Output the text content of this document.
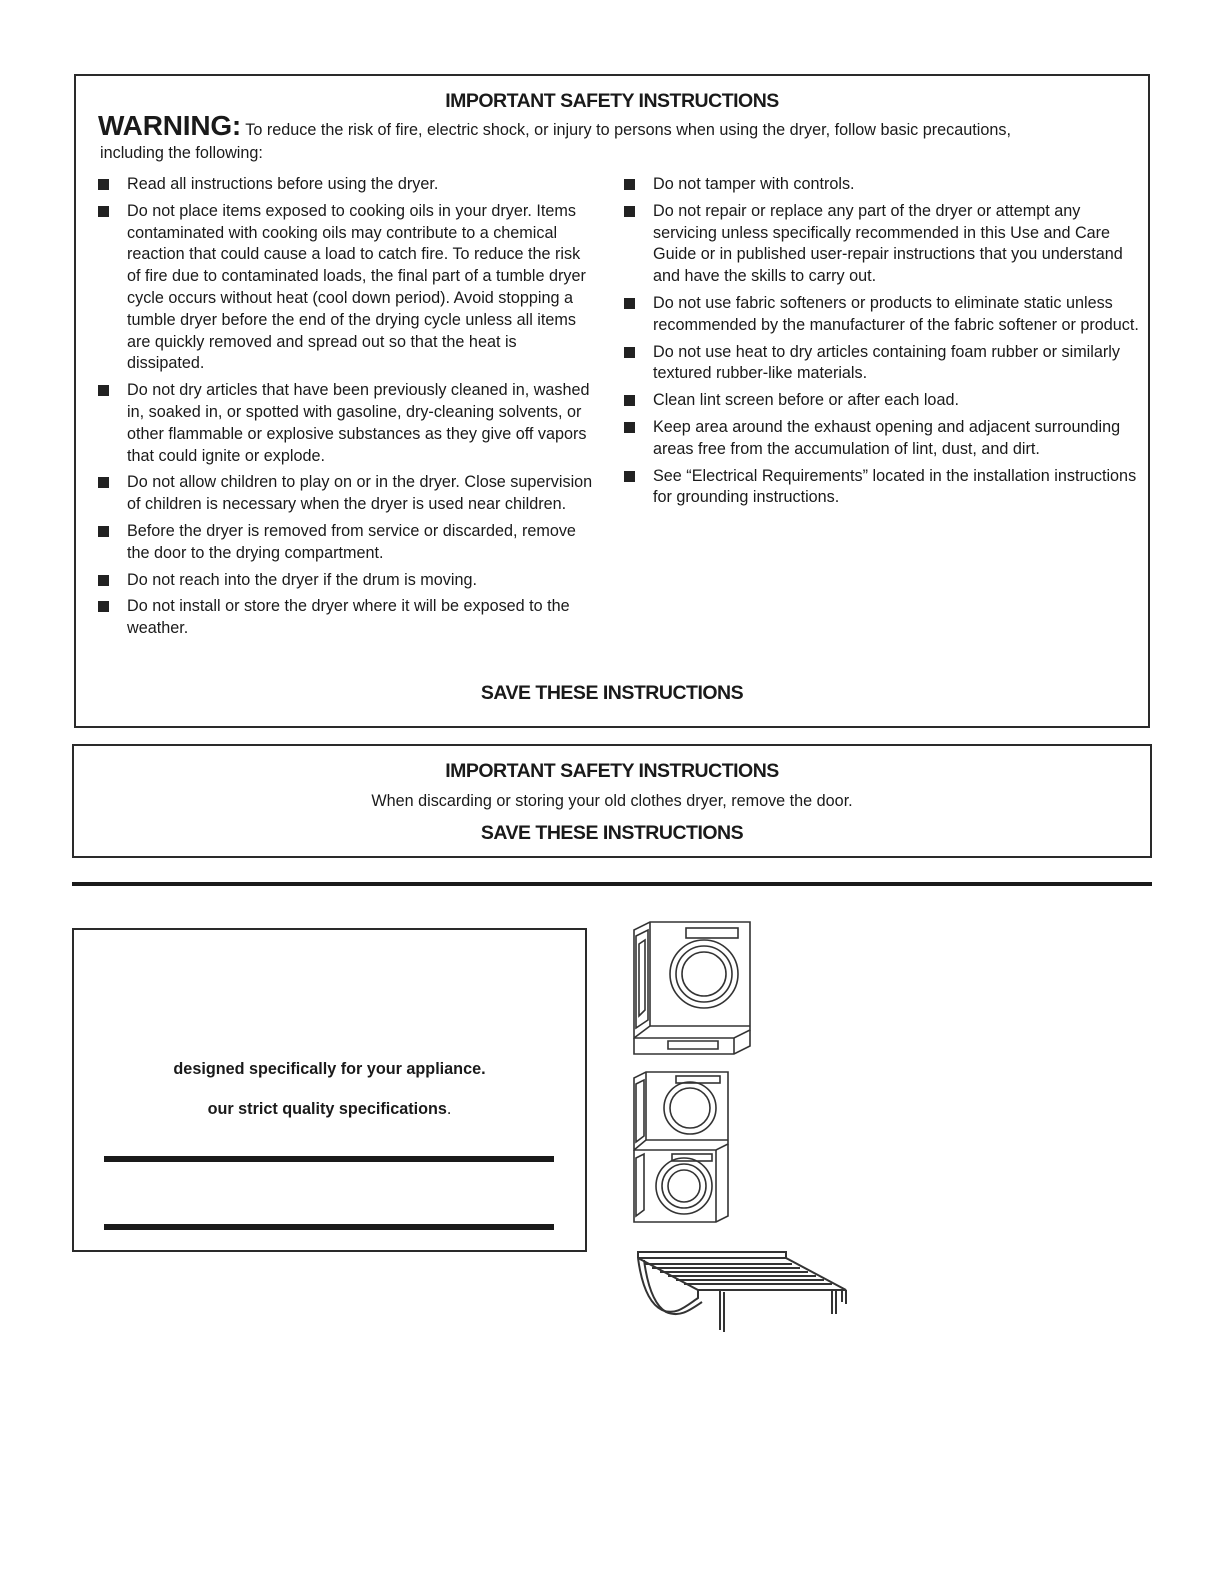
IMPORTANT SAFETY INSTRUCTIONS
WARNING: To reduce the risk of fire, electric shock, or injury to persons when using the dryer, follow basic precautions,
including the following:
Read all instructions before using the dryer.
Do not place items exposed to cooking oils in your dryer. Items contaminated with cooking oils may contribute to a chemical reaction that could cause a load to catch fire. To reduce the risk of fire due to contaminated loads, the final part of a tumble dryer cycle occurs without heat (cool down period). Avoid stopping a tumble dryer before the end of the drying cycle unless all items are quickly removed and spread out so that the heat is dissipated.
Do not dry articles that have been previously cleaned in, washed in, soaked in, or spotted with gasoline, dry-cleaning solvents, or other flammable or explosive substances as they give off vapors that could ignite or explode.
Do not allow children to play on or in the dryer. Close supervision of children is necessary when the dryer is used near children.
Before the dryer is removed from service or discarded, remove the door to the drying compartment.
Do not reach into the dryer if the drum is moving.
Do not install or store the dryer where it will be exposed to the weather.
Do not tamper with controls.
Do not repair or replace any part of the dryer or attempt any servicing unless specifically recommended in this Use and Care Guide or in published user-repair instructions that you understand and have the skills to carry out.
Do not use fabric softeners or products to eliminate static unless recommended by the manufacturer of the fabric softener or product.
Do not use heat to dry articles containing foam rubber or similarly textured rubber-like materials.
Clean lint screen before or after each load.
Keep area around the exhaust opening and adjacent surrounding areas free from the accumulation of lint, dust, and dirt.
See “Electrical Requirements” located in the installation instructions for grounding instructions.
SAVE THESE INSTRUCTIONS
IMPORTANT SAFETY INSTRUCTIONS
When discarding or storing your old clothes dryer, remove the door.
SAVE THESE INSTRUCTIONS
designed specifically for your appliance.
our strict quality specifications.
